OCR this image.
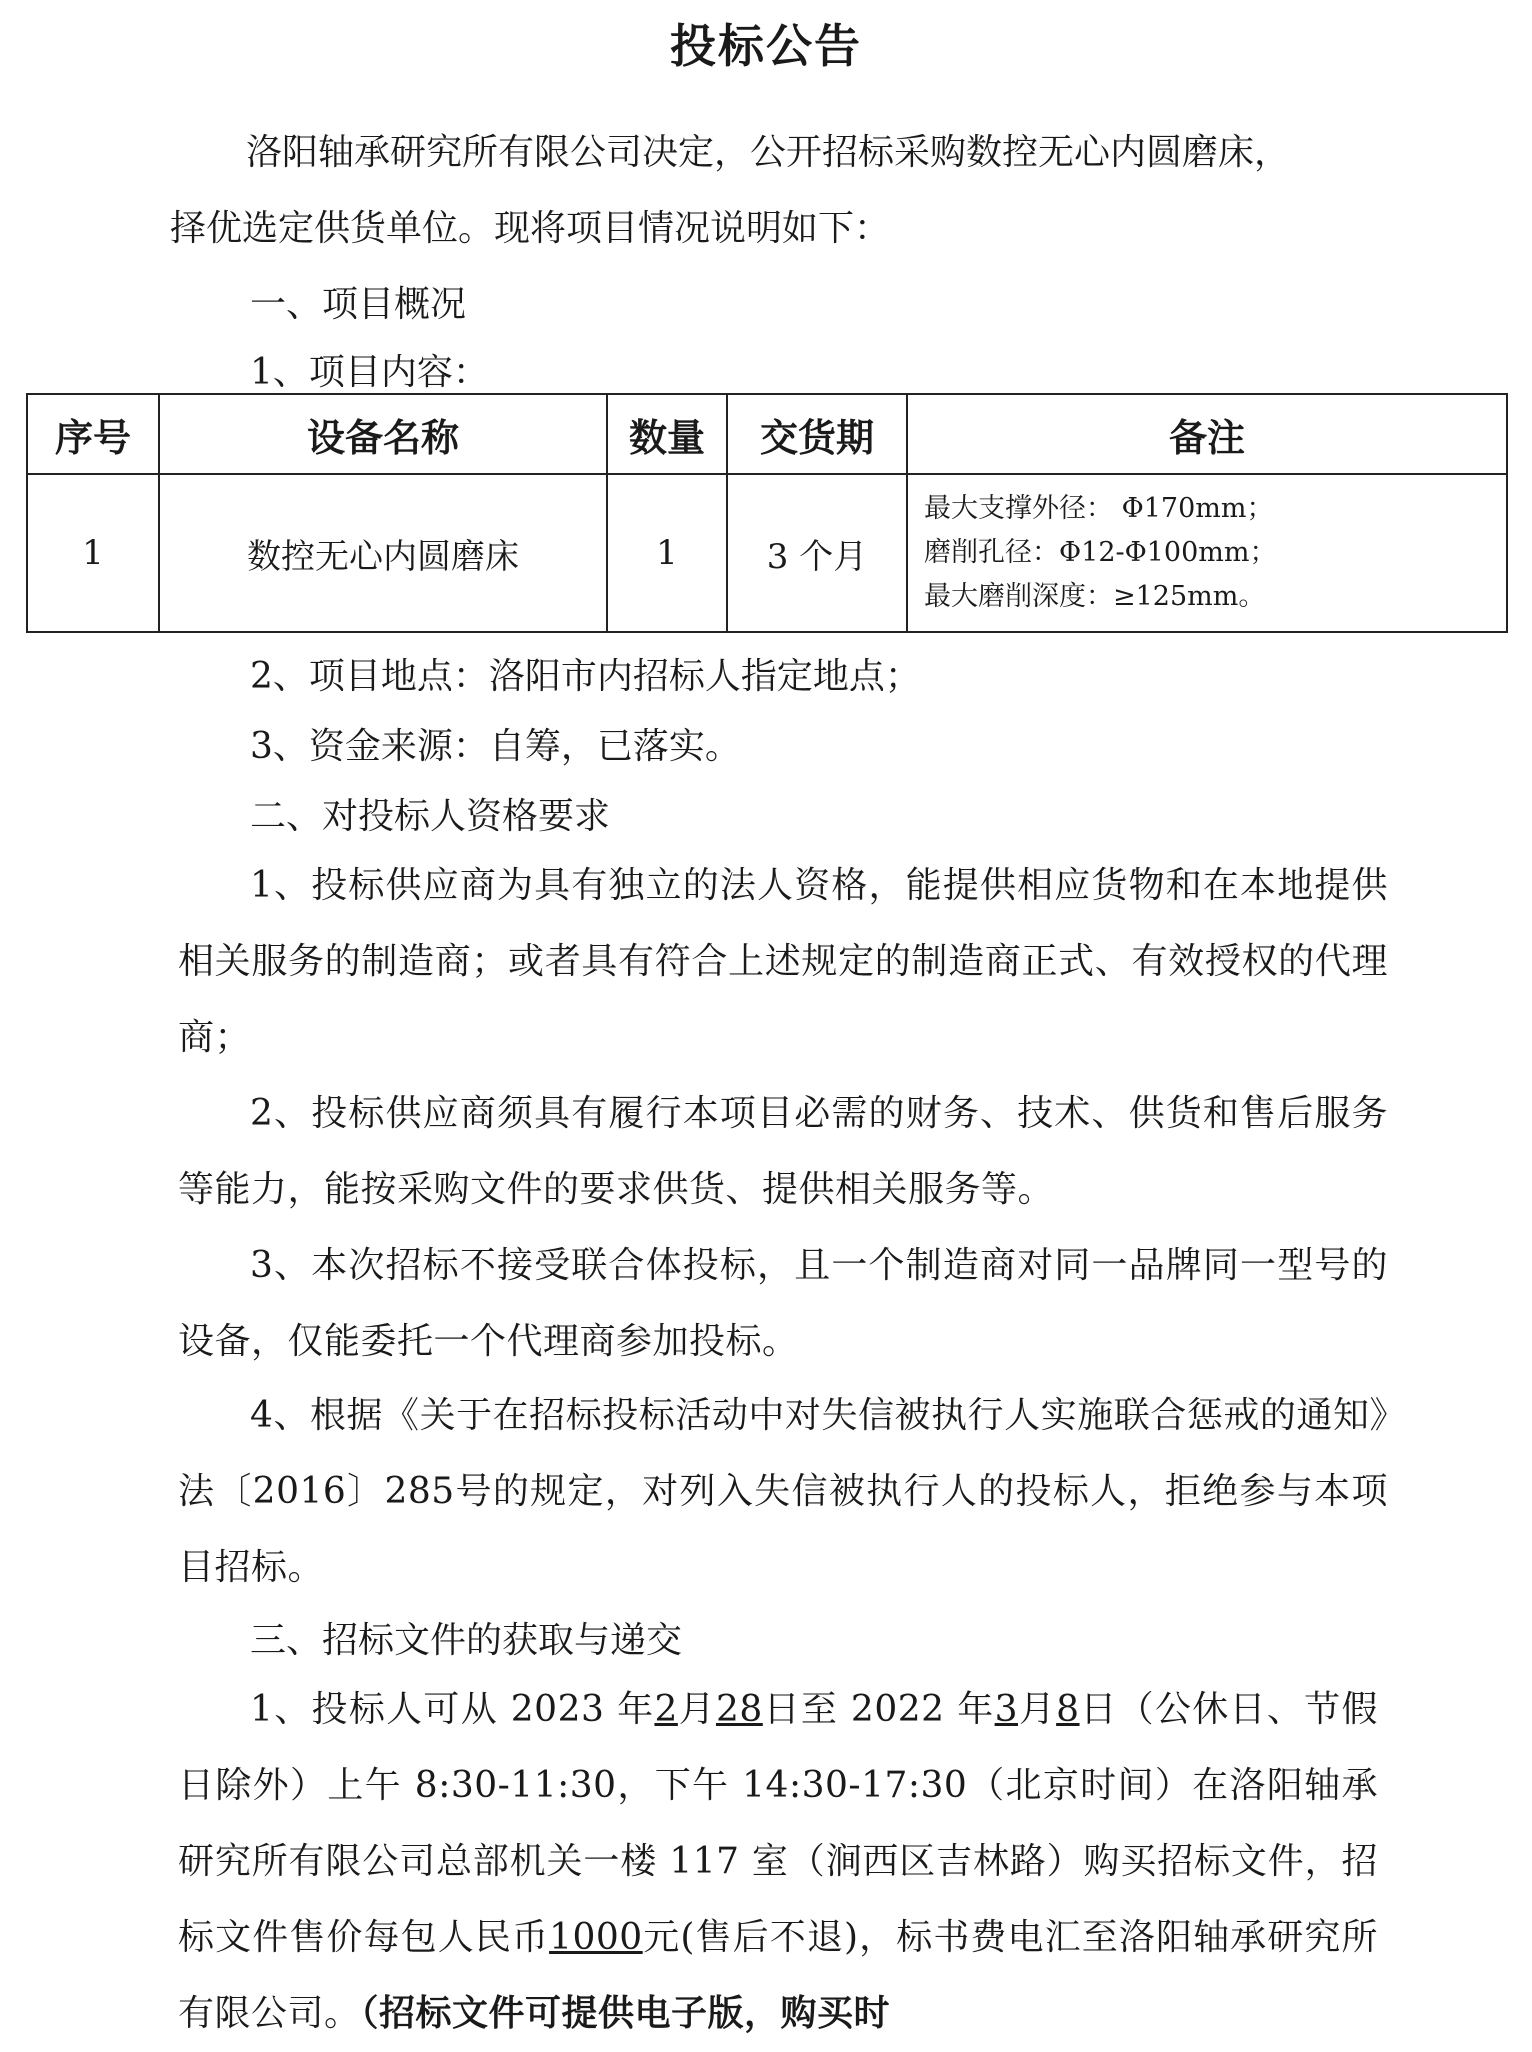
投标公告
洛阳轴承研究所有限公司决定，公开招标采购数控无心内圆磨床，
择优选定供货单位。现将项目情况说明如下：
一、项目概况
1、项目内容：
序号	设备名称	数量	交货期	备注
1	数控无心内圆磨床	1	3 个月	最大支撑外径： Φ170mm；
磨削孔径：Φ12-Φ100mm；
最大磨削深度：≥125mm。
2、项目地点：洛阳市内招标人指定地点；
3、资金来源：自筹，已落实。
二、对投标人资格要求
1、投标供应商为具有独立的法人资格，能提供相应货物和在本地提供相关服务的制造商；或者具有符合上述规定的制造商正式、有效授权的代理商；
2、投标供应商须具有履行本项目必需的财务、技术、供货和售后服务等能力，能按采购文件的要求供货、提供相关服务等。
3、本次招标不接受联合体投标，且一个制造商对同一品牌同一型号的设备，仅能委托一个代理商参加投标。
4、根据《关于在招标投标活动中对失信被执行人实施联合惩戒的通知》法〔2016〕285号的规定，对列入失信被执行人的投标人，拒绝参与本项目招标。
三、招标文件的获取与递交
1、投标人可从 2023 年2月28日至 2022 年3月8日（公休日、节假日除外）上午 8:30-11:30，下午 14:30-17:30（北京时间）在洛阳轴承研究所有限公司总部机关一楼 117 室（涧西区吉林路）购买招标文件，招标文件售价每包人民币1000元(售后不退)，标书费电汇至洛阳轴承研究所有限公司。（招标文件可提供电子版，购买时
